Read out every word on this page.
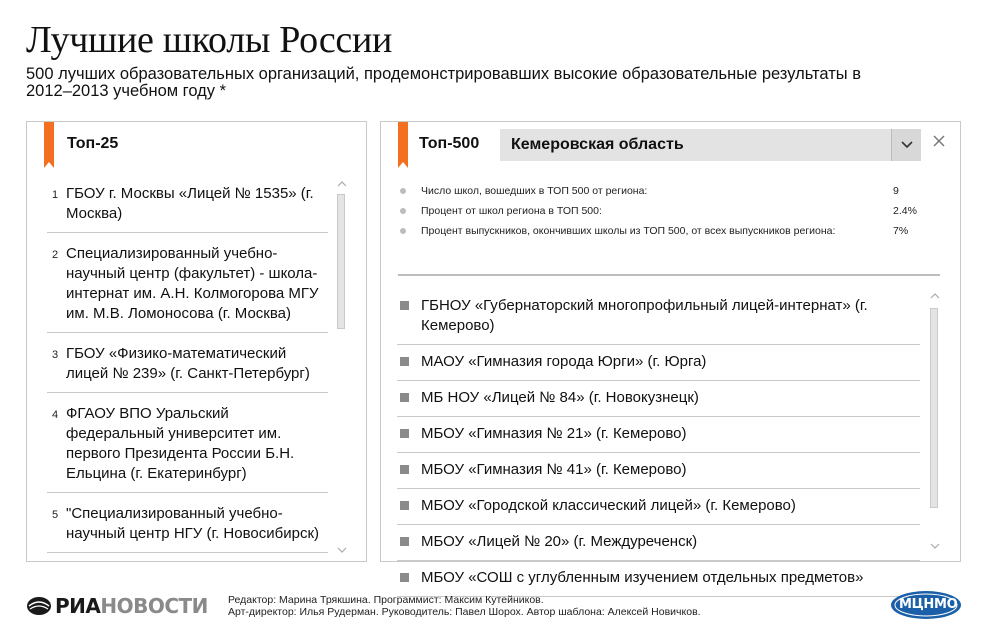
Лучшие школы России
500 лучших образовательных организаций, продемонстрировавших высокие образовательные результаты в 2012–2013 учебном году *
Топ-25
1 ГБОУ г. Москвы «Лицей № 1535» (г. Москва)
2 Специализированный учебно-научный центр (факультет) - школа-интернат им. А.Н. Колмогорова МГУ им. М.В. Ломоносова (г. Москва)
3 ГБОУ «Физико-математический лицей № 239» (г. Санкт-Петербург)
4 ФГАОУ ВПО Уральский федеральный университет им. первого Президента России Б.Н. Ельцина (г. Екатеринбург)
5 "Специализированный учебно-научный центр НГУ (г. Новосибирск)
Топ-500 Кемеровская область
Число школ, вошедших в ТОП 500 от региона:	9
Процент от школ региона в ТОП 500:	2.4%
Процент выпускников, окончивших школы из ТОП 500, от всех выпускников региона:	7%
ГБНОУ «Губернаторский многопрофильный лицей-интернат» (г. Кемерово)
МАОУ «Гимназия города Юрги» (г. Юрга)
МБ НОУ «Лицей № 84» (г. Новокузнецк)
МБОУ «Гимназия № 21» (г. Кемерово)
МБОУ «Гимназия № 41» (г. Кемерово)
МБОУ «Городской классический лицей» (г. Кемерово)
МБОУ «Лицей № 20» (г. Междуреченск)
МБОУ «СОШ с углубленным изучением отдельных предметов»
РИА НОВОСТИ Редактор: Марина Трякшина. Программист: Максим Кутейников.
Арт-директор: Илья Рудерман. Руководитель: Павел Шорох. Автор шаблона: Алексей Новичков.	МЦНМО
